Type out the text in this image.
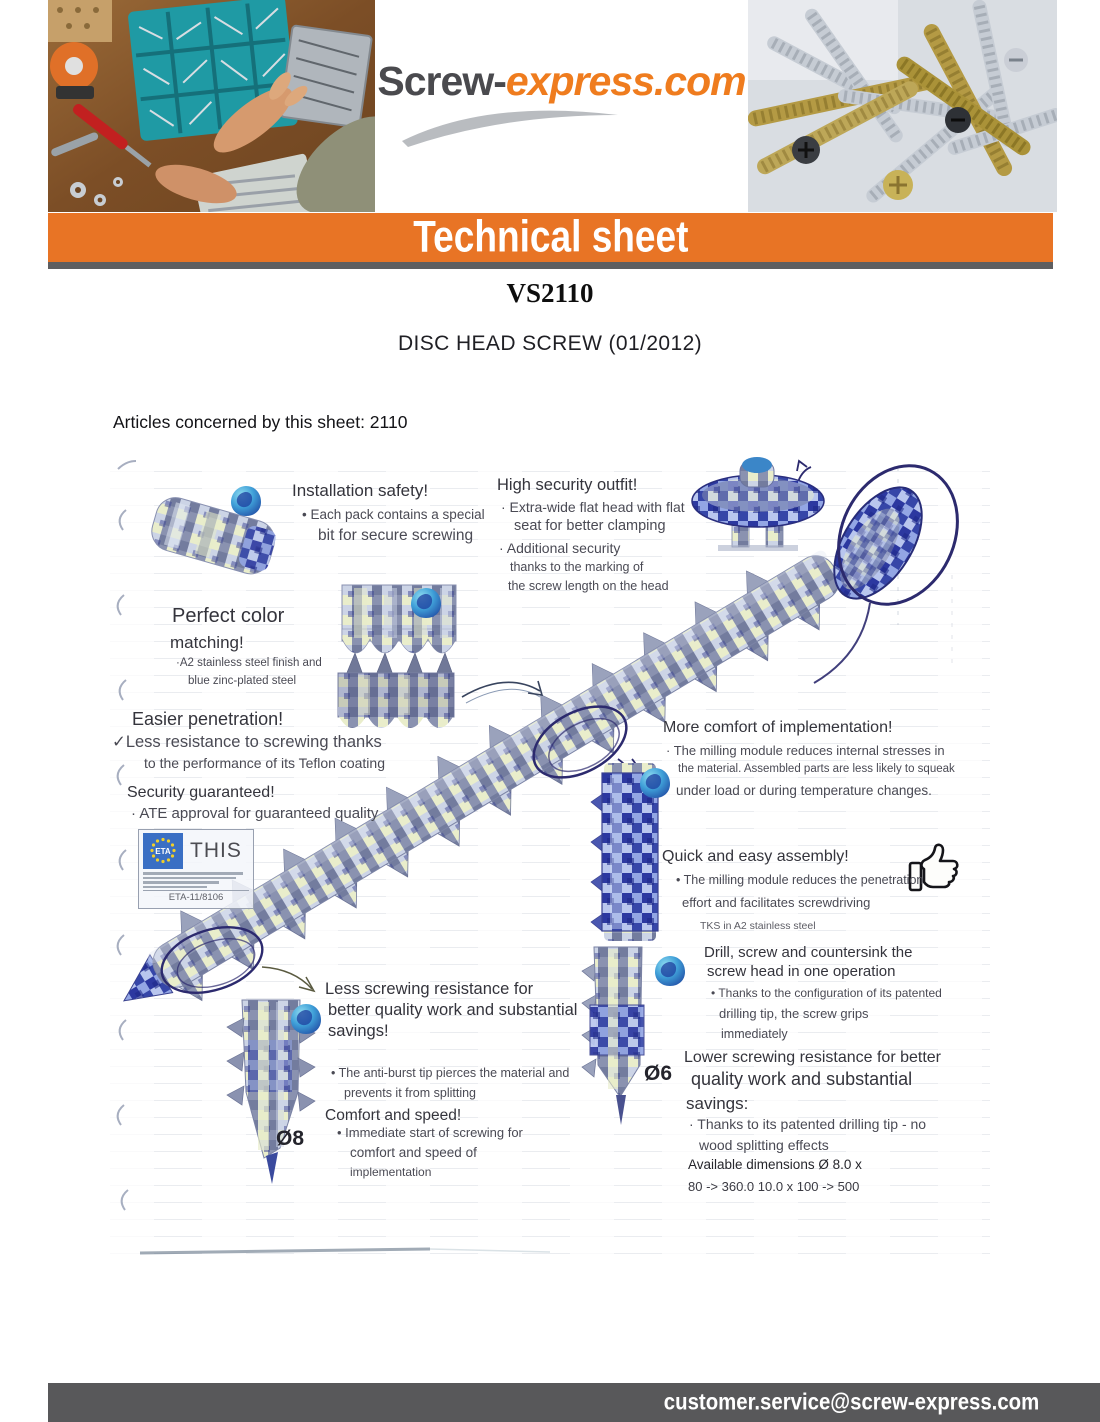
Screw-express.com
Technical sheet
VS2110
DISC HEAD SCREW (01/2012)
Articles concerned by this sheet: 2110
Installation safety!
• Each pack contains a special
bit for secure screwing
High security outfit!
· Extra-wide flat head with flat
seat for better clamping
· Additional security
thanks to the marking of
the screw length on the head
Perfect color
matching!
·A2 stainless steel finish and
blue zinc-plated steel
Easier penetration!
✓Less resistance to screwing thanks
to the performance of its Teflon coating
Security guaranteed!
· ATE approval for guaranteed quality
ETA THIS
ETA-11/8106
More comfort of implementation!
· The milling module reduces internal stresses in
the material. Assembled parts are less likely to squeak
under load or during temperature changes.
Quick and easy assembly!
• The milling module reduces the penetration
effort and facilitates screwdriving
TKS in A2 stainless steel
Drill, screw and countersink the
screw head in one operation
• Thanks to the configuration of its patented
drilling tip, the screw grips
immediately
Ø6
Lower screwing resistance for better
quality work and substantial
savings:
· Thanks to its patented drilling tip - no
wood splitting effects
Available dimensions Ø 8.0 x
80 -> 360.0 10.0 x 100 -> 500
Less screwing resistance for
better quality work and substantial
savings!
• The anti-burst tip pierces the material and
prevents it from splitting
Comfort and speed!
• Immediate start of screwing for
comfort and speed of
implementation
Ø8
customer.service@screw-express.com
